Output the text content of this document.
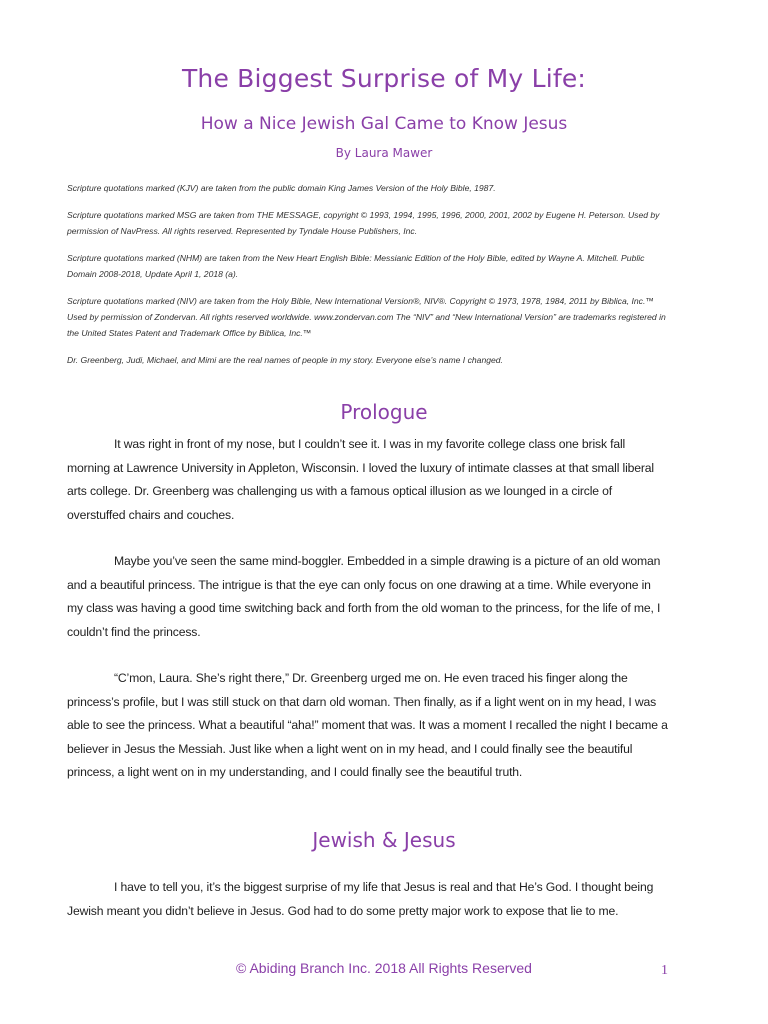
The Biggest Surprise of My Life:
How a Nice Jewish Gal Came to Know Jesus
By Laura Mawer

Scripture quotations marked (KJV) are taken from the public domain King James Version of the Holy Bible, 1987.

Scripture quotations marked MSG are taken from THE MESSAGE, copyright © 1993, 1994, 1995, 1996, 2000, 2001, 2002 by Eugene H. Peterson. Used by permission of NavPress. All rights reserved. Represented by Tyndale House Publishers, Inc.

Scripture quotations marked (NHM) are taken from the New Heart English Bible: Messianic Edition of the Holy Bible, edited by Wayne A. Mitchell. Public Domain 2008-2018, Update April 1, 2018 (a).

Scripture quotations marked (NIV) are taken from the Holy Bible, New International Version®, NIV®. Copyright © 1973, 1978, 1984, 2011 by Biblica, Inc.™ Used by permission of Zondervan. All rights reserved worldwide. www.zondervan.com The “NIV” and “New International Version” are trademarks registered in the United States Patent and Trademark Office by Biblica, Inc.™

Dr. Greenberg, Judi, Michael, and Mimi are the real names of people in my story. Everyone else’s name I changed.

Prologue

It was right in front of my nose, but I couldn’t see it. I was in my favorite college class one brisk fall morning at Lawrence University in Appleton, Wisconsin. I loved the luxury of intimate classes at that small liberal arts college. Dr. Greenberg was challenging us with a famous optical illusion as we lounged in a circle of overstuffed chairs and couches.

Maybe you’ve seen the same mind-boggler. Embedded in a simple drawing is a picture of an old woman and a beautiful princess. The intrigue is that the eye can only focus on one drawing at a time. While everyone in my class was having a good time switching back and forth from the old woman to the princess, for the life of me, I couldn’t find the princess.

“C’mon, Laura. She’s right there,” Dr. Greenberg urged me on. He even traced his finger along the princess’s profile, but I was still stuck on that darn old woman. Then finally, as if a light went on in my head, I was able to see the princess. What a beautiful “aha!” moment that was. It was a moment I recalled the night I became a believer in Jesus the Messiah. Just like when a light went on in my head, and I could finally see the beautiful princess, a light went on in my understanding, and I could finally see the beautiful truth.

Jewish & Jesus

I have to tell you, it’s the biggest surprise of my life that Jesus is real and that He’s God. I thought being Jewish meant you didn’t believe in Jesus. God had to do some pretty major work to expose that lie to me.

© Abiding Branch Inc. 2018 All Rights Reserved	1
